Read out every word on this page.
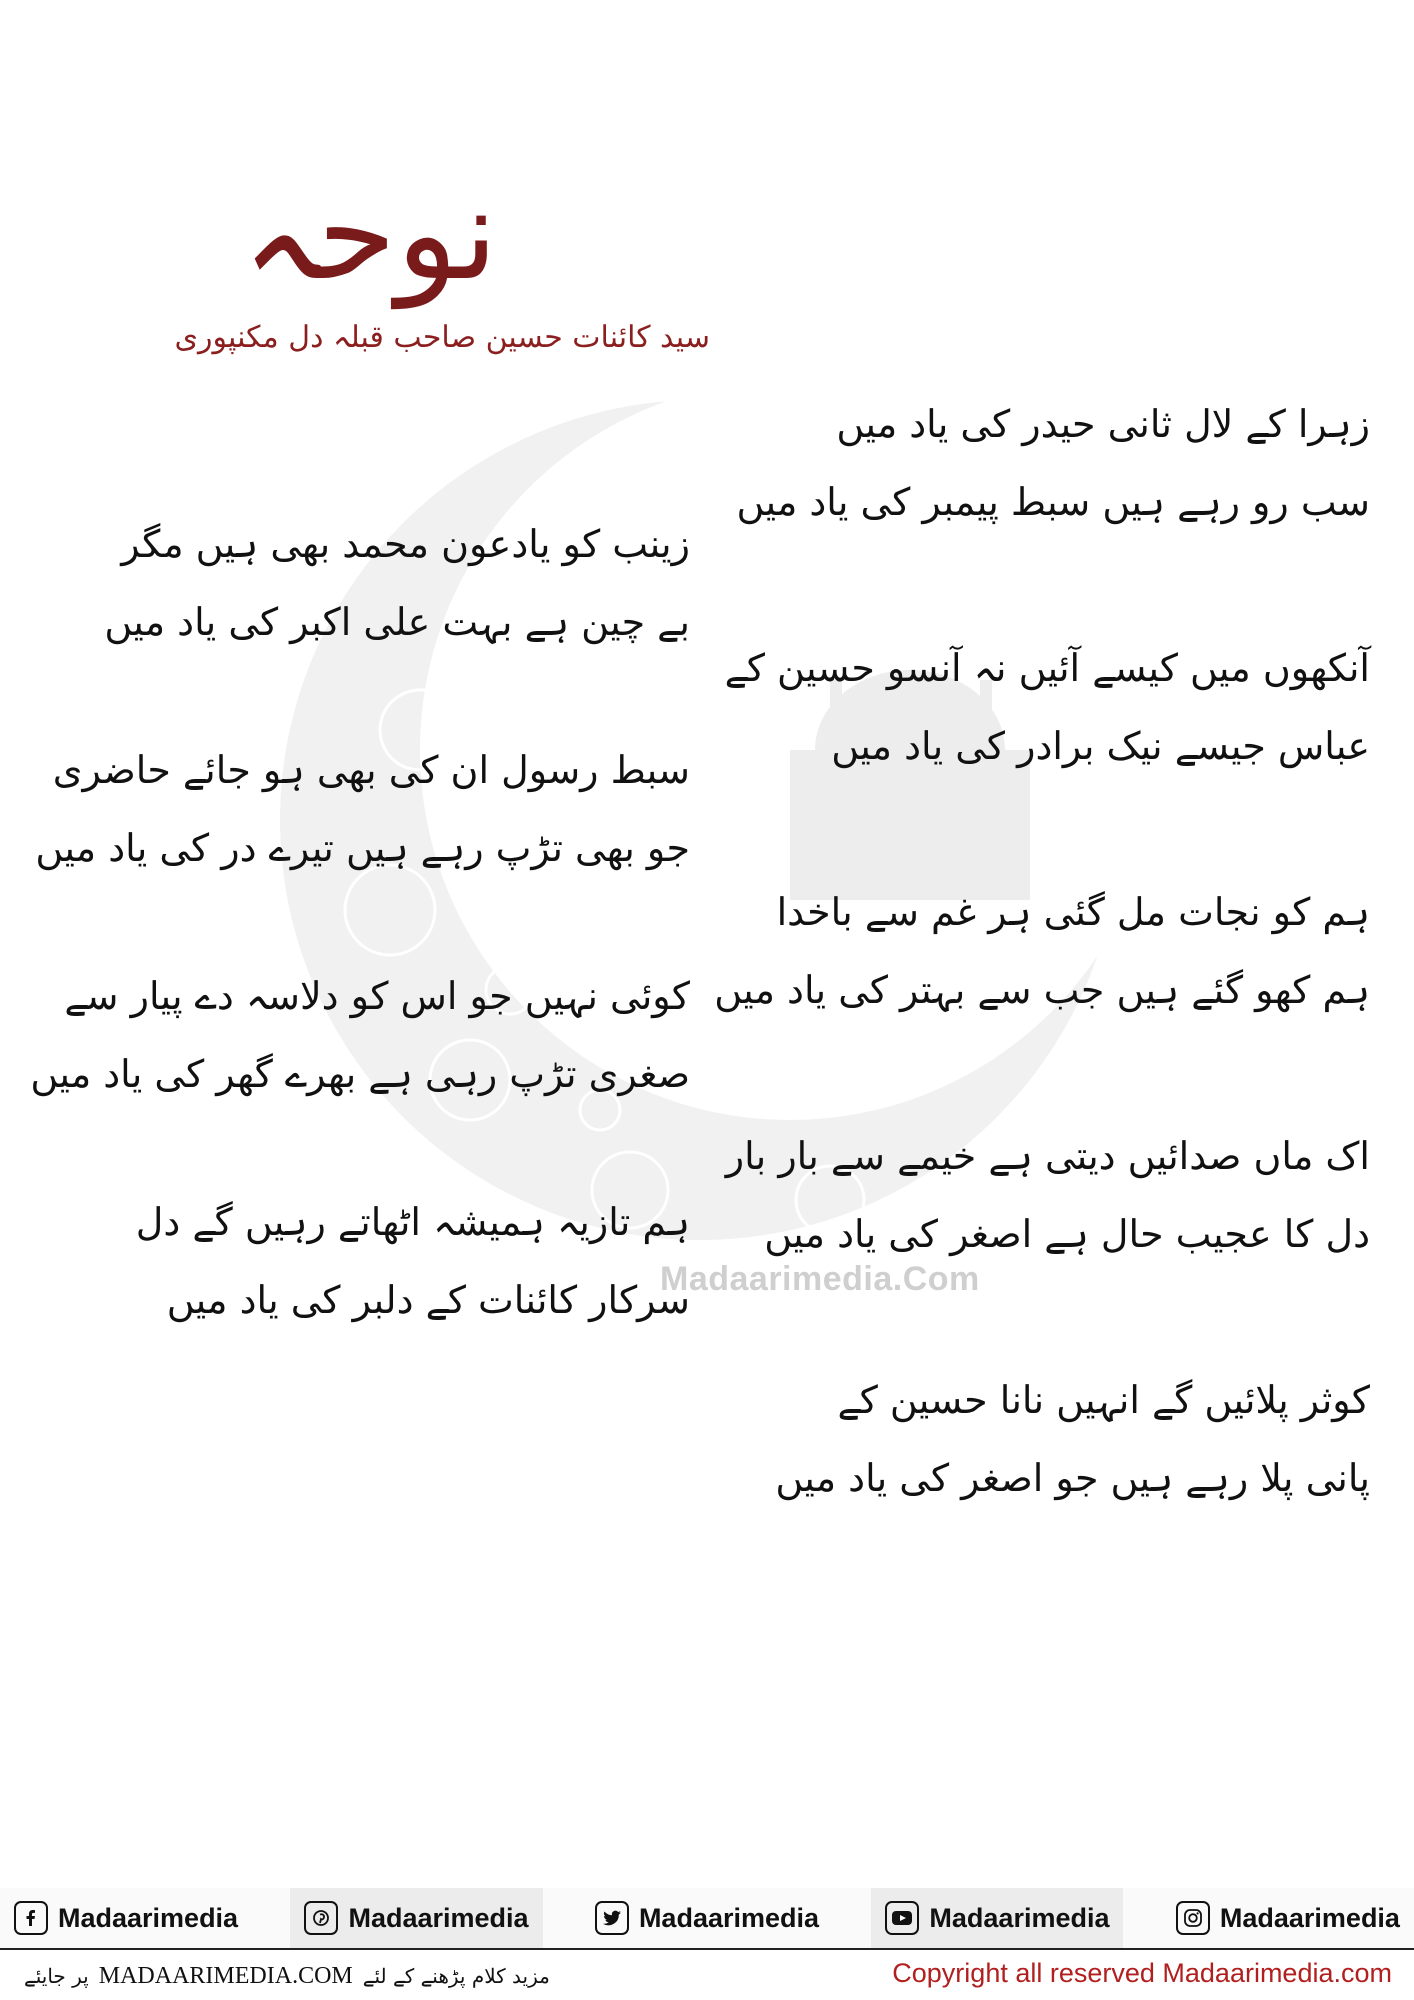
Madaarimedia.Com
نوحہ
سید کائنات حسین صاحب قبلہ دل مکنپوری

زہرا کے لال ثانی حیدر کی یاد میں

سب رو رہے ہیں سبط پیمبر کی یاد میں

آنکھوں میں کیسے آئیں نہ آنسو حسین کے

عباس جیسے نیک برادر کی یاد میں

ہم کو نجات مل گئی ہر غم سے باخدا

ہم کھو گئے ہیں جب سے بہتر کی یاد میں

اک ماں صدائیں دیتی ہے خیمے سے بار بار

دل کا عجیب حال ہے اصغر کی یاد میں

کوثر پلائیں گے انہیں نانا حسین کے

پانی پلا رہے ہیں جو اصغر کی یاد میں

زینب کو یادعون محمد بھی ہیں مگر

بے چین ہے بہت علی اکبر کی یاد میں

سبط رسول ان کی بھی ہو جائے حاضری

جو بھی تڑپ رہے ہیں تیرے در کی یاد میں

کوئی نہیں جو اس کو دلاسہ دے پیار سے

صغری تڑپ رہی ہے بھرے گھر کی یاد میں

ہم تازیہ ہمیشہ اٹھاتے رہیں گے دل

سرکار کائنات کے دلبر کی یاد میں

Madaarimedia	Madaarimedia	Madaarimedia	Madaarimedia	Madaarimedia
پر جایئے MADAARIMEDIA.COM مزید کلام پڑھنے کے لئے	Copyright all reserved Madaarimedia.com
